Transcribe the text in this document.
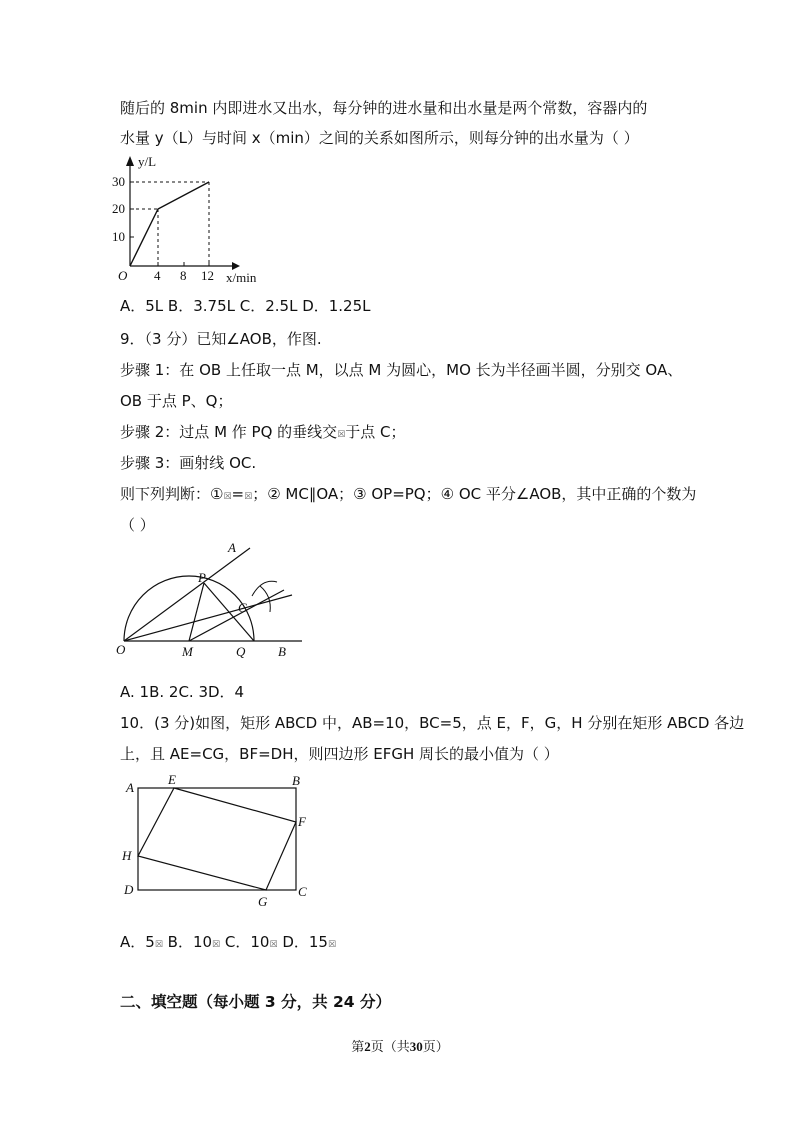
随后的 8min 内即进水又出水，每分钟的进水量和出水量是两个常数，容器内的

水量 y（L）与时间 x（min）之间的关系如图所示，则每分钟的出水量为（ ）

y/L
x/min
O 4 8 12
10
20
30

A．5L B．3.75L C．2.5L D．1.25L

9．（3 分）已知∠AOB，作图.

步骤 1：在 OB 上任取一点 M，以点 M 为圆心，MO 长为半径画半圆，分别交 OA、

OB 于点 P、Q；

步骤 2：过点 M 作 PQ 的垂线交☒于点 C；

步骤 3：画射线 OC.

则下列判断：①☒=☒；② MC∥OA；③ OP=PQ；④ OC 平分∠AOB，其中正确的个数为

（ ）

A
P
C
O	M	Q	B

A. 1B. 2C. 3D．4

10．(3 分)如图，矩形 ABCD 中，AB=10，BC=5，点 E，F，G，H 分别在矩形 ABCD 各边

上，且 AE=CG，BF=DH，则四边形 EFGH 周长的最小值为（ ）

A
E	B
F
H
D
G
C

A．5☒ B．10☒ C．10☒ D．15☒

二、填空题（每小题 3 分，共 24 分）

第2页（共30页）
